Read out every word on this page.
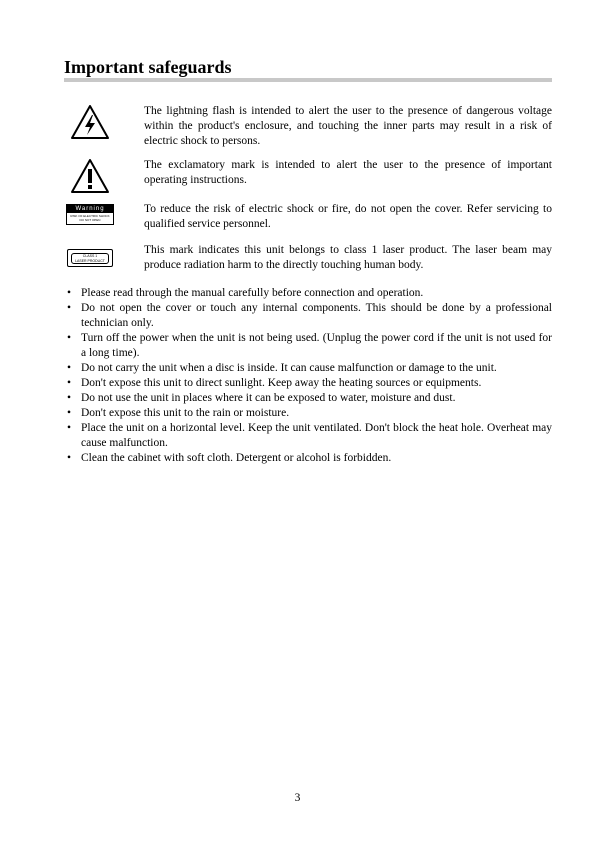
Important safeguards
The lightning flash is intended to alert the user to the presence of dangerous voltage within the product's enclosure, and touching the inner parts may result in a risk of electric shock to persons.
The exclamatory mark is intended to alert the user to the presence of important operating instructions.
Warning
RISK OF ELECTRIC SHOCK DO NOT OPEN
To reduce the risk of electric shock or fire, do not open the cover. Refer servicing to qualified service personnel.
CLASS 1
LASER PRODUCT
This mark indicates this unit belongs to class 1 laser product. The laser beam may produce radiation harm to the directly touching human body.
• Please read through the manual carefully before connection and operation.
• Do not open the cover or touch any internal components. This should be done by a professional technician only.
• Turn off the power when the unit is not being used. (Unplug the power cord if the unit is not used for a long time).
• Do not carry the unit when a disc is inside. It can cause malfunction or damage to the unit.
• Don't expose this unit to direct sunlight. Keep away the heating sources or equipments.
• Do not use the unit in places where it can be exposed to water, moisture and dust.
• Don't expose this unit to the rain or moisture.
• Place the unit on a horizontal level. Keep the unit ventilated. Don't block the heat hole. Overheat may cause malfunction.
• Clean the cabinet with soft cloth. Detergent or alcohol is forbidden.
3
